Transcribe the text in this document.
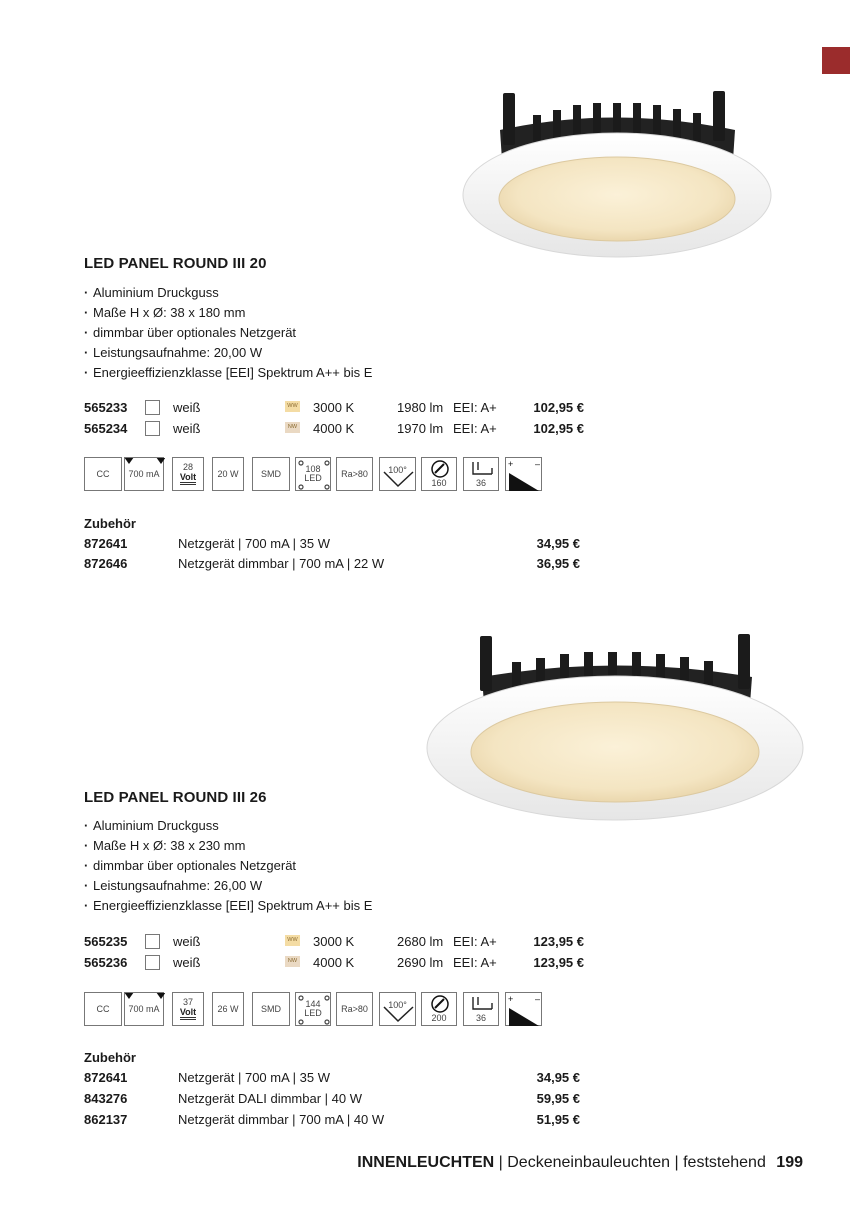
LED PANEL ROUND III 20
· Aluminium Druckguss
· Maße H x Ø: 38 x 180 mm
· dimmbar über optionales Netzgerät
· Leistungsaufnahme: 20,00 W
· Energieeffizienzklasse [EEI] Spektrum A++ bis E
565233	weiß	WW 3000 K	1980 lm EEI: A+	102,95 €
565234	weiß	NW 4000 K	1970 lm EEI: A+	102,95 €
CC 700 mA
28
Volt 20 W	SMD	108
LED Ra>80 100°
160	36
+ –
Zubehör
872641	Netzgerät | 700 mA | 35 W	34,95 €
872646	Netzgerät dimmbar | 700 mA | 22 W	36,95 €
LED PANEL ROUND III 26
· Aluminium Druckguss
· Maße H x Ø: 38 x 230 mm
· dimmbar über optionales Netzgerät
· Leistungsaufnahme: 26,00 W
· Energieeffizienzklasse [EEI] Spektrum A++ bis E
565235	weiß	WW 3000 K	2680 lm EEI: A+	123,95 €
565236	weiß	NW 4000 K	2690 lm EEI: A+	123,95 €
CC 700 mA
37
Volt 26 W	SMD	144
LED Ra>80 100°
200	36
+ –
Zubehör
872641	Netzgerät | 700 mA | 35 W	34,95 €
843276	Netzgerät DALI dimmbar | 40 W	59,95 €
862137	Netzgerät dimmbar | 700 mA | 40 W	51,95 €
INNENLEUCHTEN | Deckeneinbauleuchten | feststehend 199
